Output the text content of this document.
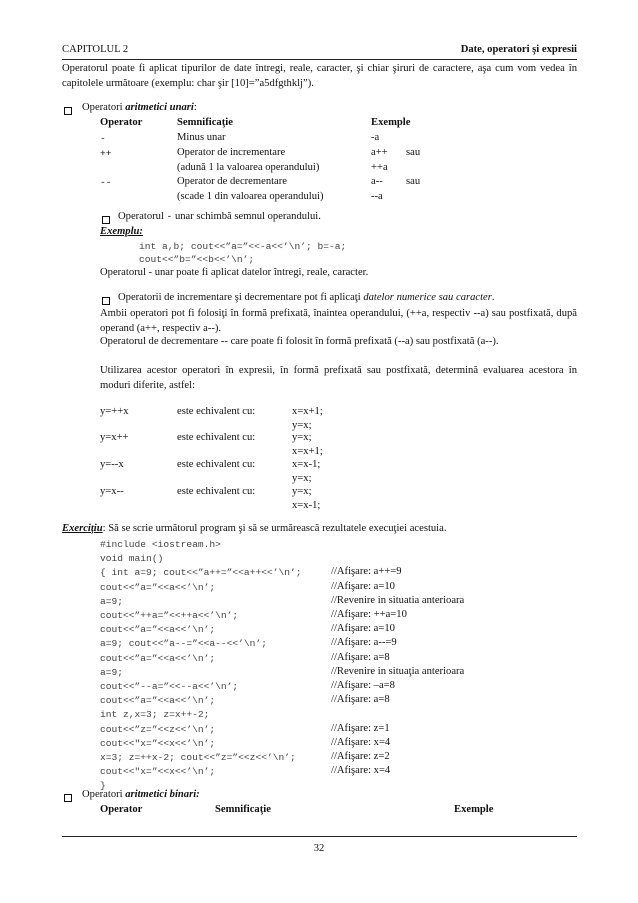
CAPITOLUL 2	Date, operatori şi expresii
Operatorul poate fi aplicat tipurilor de date întregi, reale, caracter, şi chiar şiruri de caractere, aşa cum vom vedea în capitolele următoare (exemplu: char şir [10]=”a5dfgthklj”).
Operatori aritmetici unari:
Operator	Semnificaţie	Exemple
-	Minus unar	-a
++	Operator de incrementare	a++ sau
(adună 1 la valoarea operandului)	++a
--	Operator de decrementare	a-- sau
(scade 1 din valoarea operandului)	--a
Operatorul - unar schimbă semnul operandului.
Exemplu:
int a,b; cout<<”a=”<<-a<<’\n’; b=-a;
cout<<”b=”<<b<<’\n’;
Operatorul - unar poate fi aplicat datelor întregi, reale, caracter.
Operatorii de incrementare şi decrementare pot fi aplicaţi datelor numerice sau caracter.
Ambii operatori pot fi folosiţi în formă prefixată, înaintea operandului, (++a, respectiv --a) sau postfixată, după operand (a++, respectiv a--).
Operatorul de decrementare -- care poate fi folosit în formă prefixată (--a) sau postfixată (a--).
Utilizarea acestor operatori în expresii, în formă prefixată sau postfixată, determină evaluarea acestora în moduri diferite, astfel:
y=++x	este echivalent cu:	x=x+1;
y=x;
y=x++	este echivalent cu:	y=x;
x=x+1;
y=--x	este echivalent cu:	x=x-1;
y=x;
y=x--	este echivalent cu:	y=x;
x=x-1;
Exerciţiu: Să se scrie următorul program şi să se urmărească rezultatele execuţiei acestuia.
#include <iostream.h>
void main()
{ int a=9; cout<<”a++=”<<a++<<’\n’;	//Afişare: a++=9
cout<<”a=”<<a<<’\n’;	//Afişare: a=10
a=9;	//Revenire in situatia anterioara
cout<<”++a=”<<++a<<’\n’;	//Afişare: ++a=10
cout<<”a=”<<a<<’\n’;	//Afişare: a=10
a=9; cout<<”a--=”<<a--<<’\n’;	//Afişare: a--=9
cout<<”a=”<<a<<’\n’;	//Afişare: a=8
a=9;	//Revenire in situaţia anterioara
cout<<”--a=”<<--a<<’\n’;	//Afişare: –a=8
cout<<”a=”<<a<<’\n’;	//Afişare: a=8
int z,x=3; z=x++-2;
cout<<”z=”<<z<<’\n’;	//Afişare: z=1
cout<<"x=”<<x<<’\n’;	//Afişare: x=4
x=3; z=++x-2; cout<<”z=”<<z<<’\n’;	//Afişare: z=2
cout<<"x=”<<x<<’\n’;	//Afişare: x=4
}
Operatori aritmetici binari:
Operator	Semnificaţie	Exemple
32
